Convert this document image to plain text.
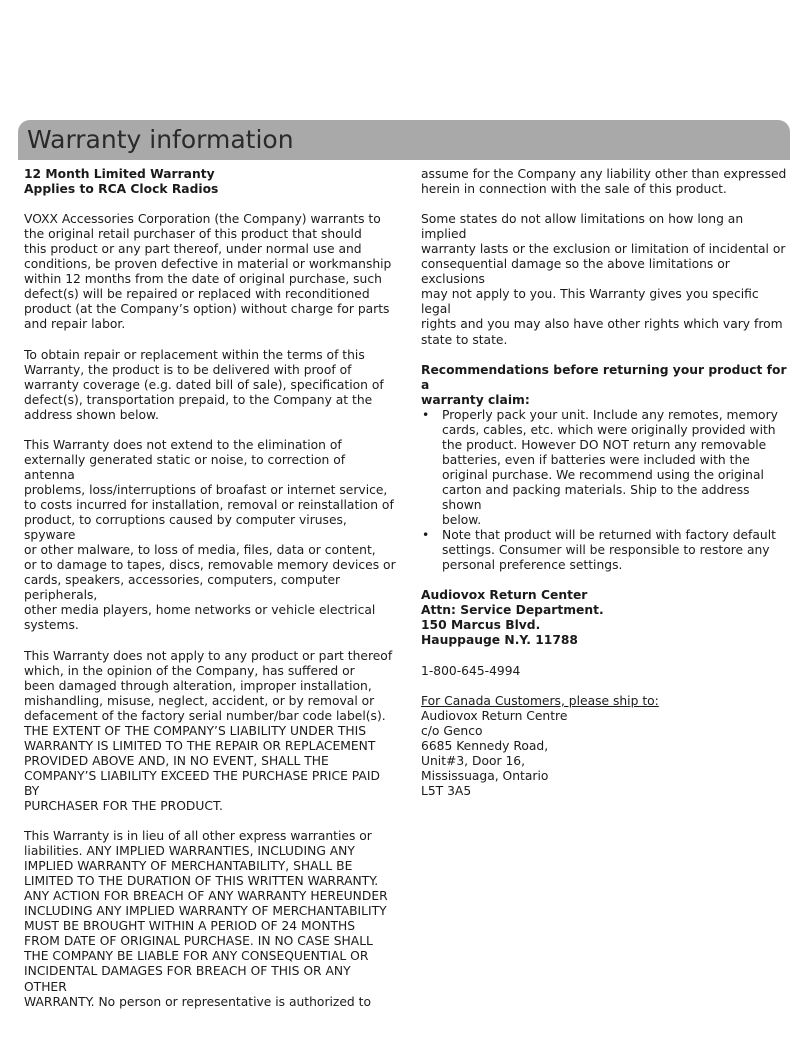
Warranty information
12 Month Limited Warranty
Applies to RCA Clock Radios

VOXX Accessories Corporation (the Company) warrants to
the original retail purchaser of this product that should
this product or any part thereof, under normal use and
conditions, be proven defective in material or workmanship
within 12 months from the date of original purchase, such
defect(s) will be repaired or replaced with reconditioned
product (at the Company’s option) without charge for parts
and repair labor.

To obtain repair or replacement within the terms of this
Warranty, the product is to be delivered with proof of
warranty coverage (e.g. dated bill of sale), specification of
defect(s), transportation prepaid, to the Company at the
address shown below.

This Warranty does not extend to the elimination of
externally generated static or noise, to correction of antenna
problems, loss/interruptions of broafast or internet service,
to costs incurred for installation, removal or reinstallation of
product, to corruptions caused by computer viruses, spyware
or other malware, to loss of media, files, data or content,
or to damage to tapes, discs, removable memory devices or
cards, speakers, accessories, computers, computer peripherals,
other media players, home networks or vehicle electrical
systems.

This Warranty does not apply to any product or part thereof
which, in the opinion of the Company, has suffered or
been damaged through alteration, improper installation,
mishandling, misuse, neglect, accident, or by removal or
defacement of the factory serial number/bar code label(s).
THE EXTENT OF THE COMPANY’S LIABILITY UNDER THIS
WARRANTY IS LIMITED TO THE REPAIR OR REPLACEMENT
PROVIDED ABOVE AND, IN NO EVENT, SHALL THE
COMPANY’S LIABILITY EXCEED THE PURCHASE PRICE PAID BY
PURCHASER FOR THE PRODUCT.

This Warranty is in lieu of all other express warranties or
liabilities. ANY IMPLIED WARRANTIES, INCLUDING ANY
IMPLIED WARRANTY OF MERCHANTABILITY, SHALL BE
LIMITED TO THE DURATION OF THIS WRITTEN WARRANTY.
ANY ACTION FOR BREACH OF ANY WARRANTY HEREUNDER
INCLUDING ANY IMPLIED WARRANTY OF MERCHANTABILITY
MUST BE BROUGHT WITHIN A PERIOD OF 24 MONTHS
FROM DATE OF ORIGINAL PURCHASE. IN NO CASE SHALL
THE COMPANY BE LIABLE FOR ANY CONSEQUENTIAL OR
INCIDENTAL DAMAGES FOR BREACH OF THIS OR ANY OTHER
WARRANTY. No person or representative is authorized to

assume for the Company any liability other than expressed
herein in connection with the sale of this product.

Some states do not allow limitations on how long an implied
warranty lasts or the exclusion or limitation of incidental or
consequential damage so the above limitations or exclusions
may not apply to you. This Warranty gives you specific legal
rights and you may also have other rights which vary from
state to state.

Recommendations before returning your product for a
warranty claim:

• Properly pack your unit. Include any remotes, memory
cards, cables, etc. which were originally provided with
the product. However DO NOT return any removable
batteries, even if batteries were included with the
original purchase. We recommend using the original
carton and packing materials. Ship to the address shown
below.
• Note that product will be returned with factory default
settings. Consumer will be responsible to restore any
personal preference settings.
Audiovox Return Center
Attn: Service Department.
150 Marcus Blvd.
Hauppauge N.Y. 11788

1-800-645-4994

For Canada Customers, please ship to:
Audiovox Return Centre
c/o Genco
6685 Kennedy Road,
Unit#3, Door 16,
Mississuaga, Ontario
L5T 3A5
